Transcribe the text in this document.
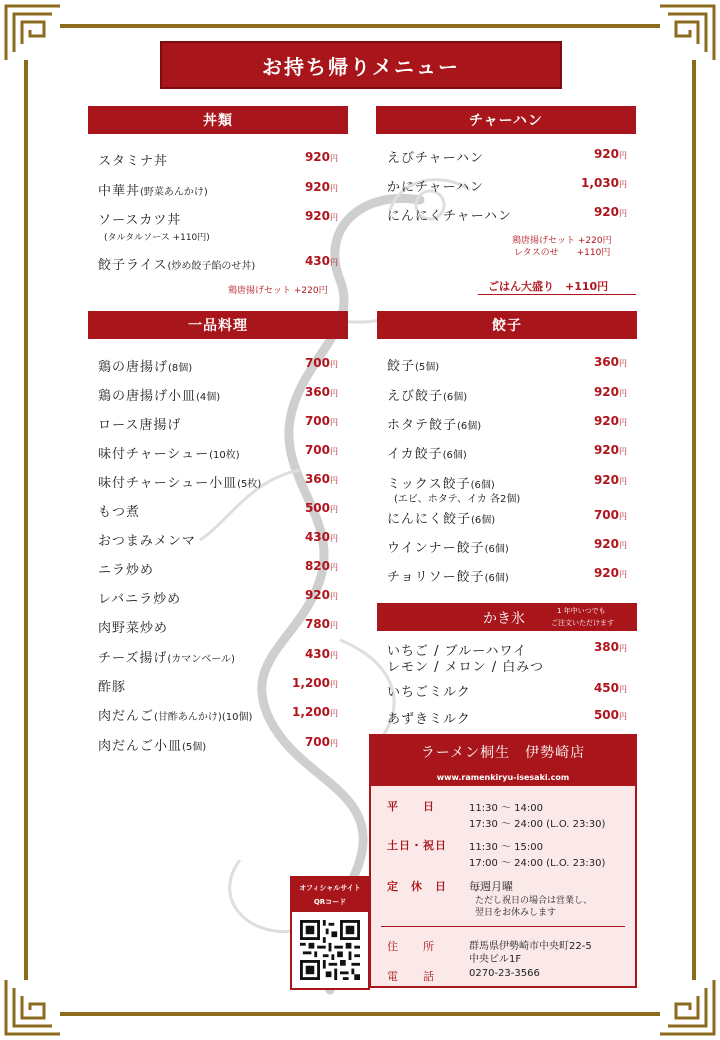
お持ち帰りメニュー
丼類
スタミナ丼	920円
中華丼(野菜あんかけ)	920円
ソースカツ丼	920円
(タルタルソース +110円)
餃子ライス(炒め餃子餡のせ丼)	430円
鶏唐揚げセット +220円
チャーハン
えびチャーハン	920円
かにチャーハン	1,030円
にんにくチャーハン	920円
鶏唐揚げセット +220円
レタスのせ　　+110円
ごはん大盛り　+110円
一品料理
鶏の唐揚げ(8個)	700円
鶏の唐揚げ小皿(4個)	360円
ロース唐揚げ	700円
味付チャーシュー(10枚)	700円
味付チャーシュー小皿(5枚)	360円
もつ煮	500円
おつまみメンマ	430円
ニラ炒め	820円
レバニラ炒め	920円
肉野菜炒め	780円
チーズ揚げ(カマンベール)	430円
酢豚	1,200円
肉だんご(甘酢あんかけ)(10個)	1,200円
肉だんご小皿(5個)	700円
餃子
餃子(5個)	360円
えび餃子(6個)	920円
ホタテ餃子(6個)	920円
イカ餃子(6個)	920円
ミックス餃子(6個)	920円
にんにく餃子(6個)	700円
ウインナー餃子(6個)	920円
チョリソー餃子(6個)	920円
(エビ、ホタテ、イカ 各2個)
かき氷	1 年中いつでも
ご注文いただけます
いちご / ブルーハワイ	380円
レモン / メロン / 白みつ
いちごミルク	450円
あずきミルク	500円
オフィシャルサイト
QRコード
ラーメン桐生　伊勢崎店
www.ramenkiryu-isesaki.com
平　　日	11:30 ～ 14:00
17:30 ～ 24:00 (L.O. 23:30)
土日・祝日 11:30 ～ 15:00
17:00 ～ 24:00 (L.O. 23:30)
定　休　日 毎週月曜
ただし祝日の場合は営業し、
翌日をお休みします
住　　所	群馬県伊勢崎市中央町22-5
中央ビル1F
電　　話	0270-23-3566
